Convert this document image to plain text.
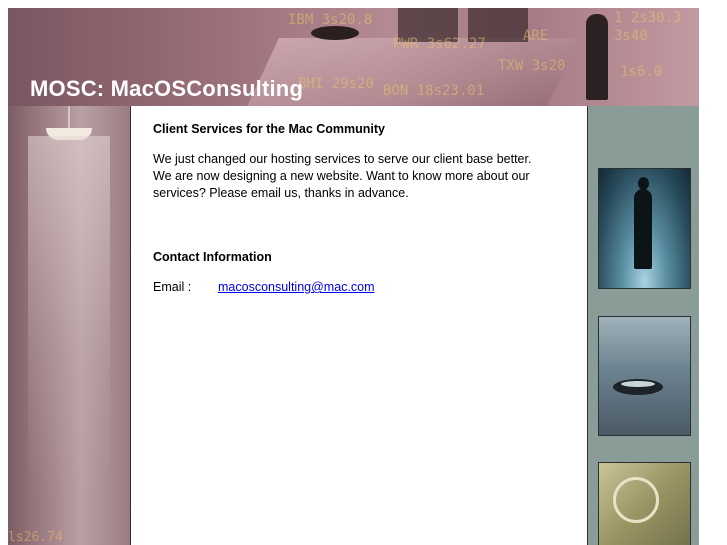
IBM 3s20.8
PWR 3s62.27	ARE
TXW 3s20
BHI 29s20 BON 18s23.01
1 2s30.3
3s40
1s6.0
MOSC: MacOSConsulting
ls26.74
Client Services for the Mac Community

We just changed our hosting services to serve our client base better.

We are now designing a new website. Want to know more about our

services? Please email us, thanks in advance.

Contact Information
Email : macosconsulting@mac.com
